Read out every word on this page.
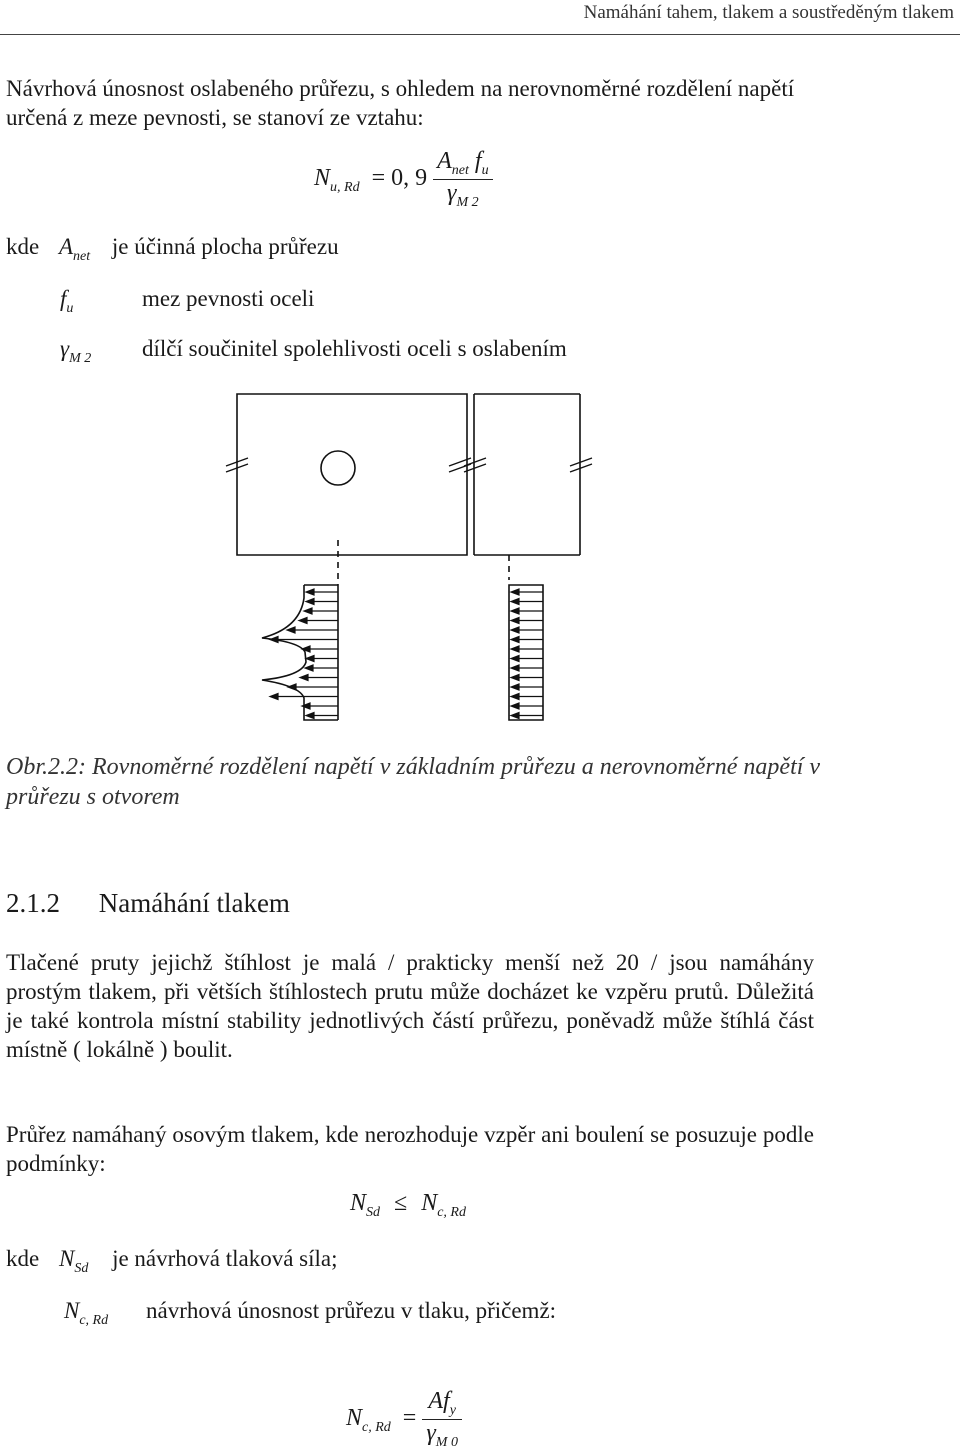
Namáhání tahem, tlakem a soustředěným tlakem
Návrhová únosnost oslabeného průřezu, s ohledem na nerovnoměrné rozdělení napětí určená z meze pevnosti, se stanoví ze vztahu:
$N_{u, Rd} = 0$, $9 \frac{A_{net} f_u}{\gamma_{M 2}}$
kde $A_{net}$ je účinná plocha průřezu
$f_u$	mez pevnosti oceli
$\gamma_{M 2}$ dílčí součinitel spolehlivosti oceli s oslabením
Obr.2.2: Rovnoměrné rozdělení napětí v základním průřezu a nerovnoměrné napětí v průřezu s otvorem
2.1.2 Namáhání tlakem
Tlačené pruty jejichž štíhlost je malá / prakticky menší než 20 / jsou namáhány prostým tlakem, při větších štíhlostech prutu může docházet ke vzpěru prutů. Důležitá je také kontrola místní stability jednotlivých částí průřezu, poněvadž může štíhlá část místně ( lokálně ) boulit.
Průřez namáhaný osovým tlakem, kde nerozhoduje vzpěr ani boulení se posuzuje podle podmínky:
$N_{Sd} \le N_{c, Rd}$
kde $N_{Sd}$ je návrhová tlaková síla;
$N_{c, Rd}$ návrhová únosnost průřezu v tlaku, přičemž:
$N_{c, Rd} = \frac{Af_y}{\gamma_{M 0}}$
